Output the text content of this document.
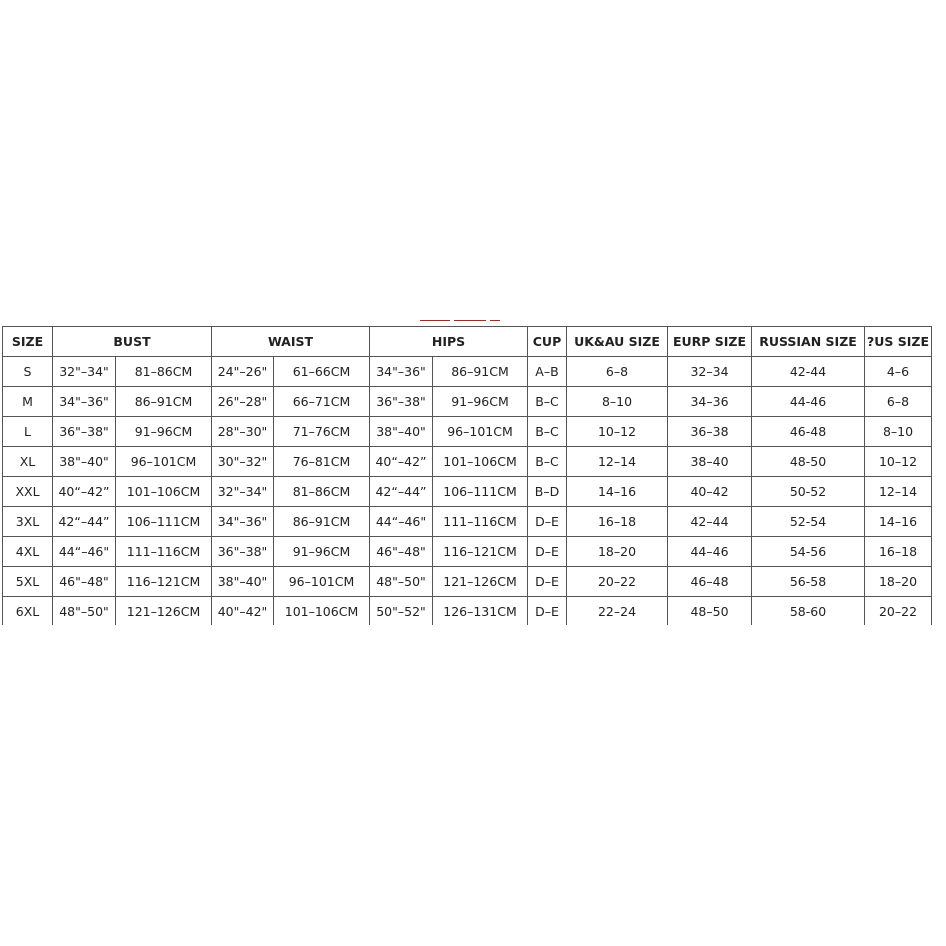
SIZE	BUST		WAIST		HIPS		CUP	UK&AU SIZE	EURP SIZE	RUSSIAN SIZE	?US SIZE
S	32"–34"	81–86CM	24"–26"	61–66CM	34"–36"	86–91CM	A–B	6–8	32–34	42-44	4–6
M	34"–36"	86–91CM	26"–28"	66–71CM	36"–38"	91–96CM	B–C	8–10	34–36	44-46	6–8
L	36"–38"	91–96CM	28"–30"	71–76CM	38"–40"	96–101CM	B–C	10–12	36–38	46-48	8–10
XL	38"–40"	96–101CM	30"–32"	76–81CM	40“–42”	101–106CM	B–C	12–14	38–40	48-50	10–12
XXL	40“–42”	101–106CM	32"–34"	81–86CM	42“–44”	106–111CM	B–D	14–16	40–42	50-52	12–14
3XL	42“–44”	106–111CM	34"–36"	86–91CM	44“–46"	111–116CM	D–E	16–18	42–44	52-54	14–16
4XL	44“–46"	111–116CM	36"–38"	91–96CM	46"–48"	116–121CM	D–E	18–20	44–46	54-56	16–18
5XL	46"–48"	116–121CM	38"–40"	96–101CM	48"–50"	121–126CM	D–E	20–22	46–48	56-58	18–20
6XL	48"–50"	121–126CM	40"–42"	101–106CM	50"–52"	126–131CM	D–E	22–24	48–50	58-60	20–22
